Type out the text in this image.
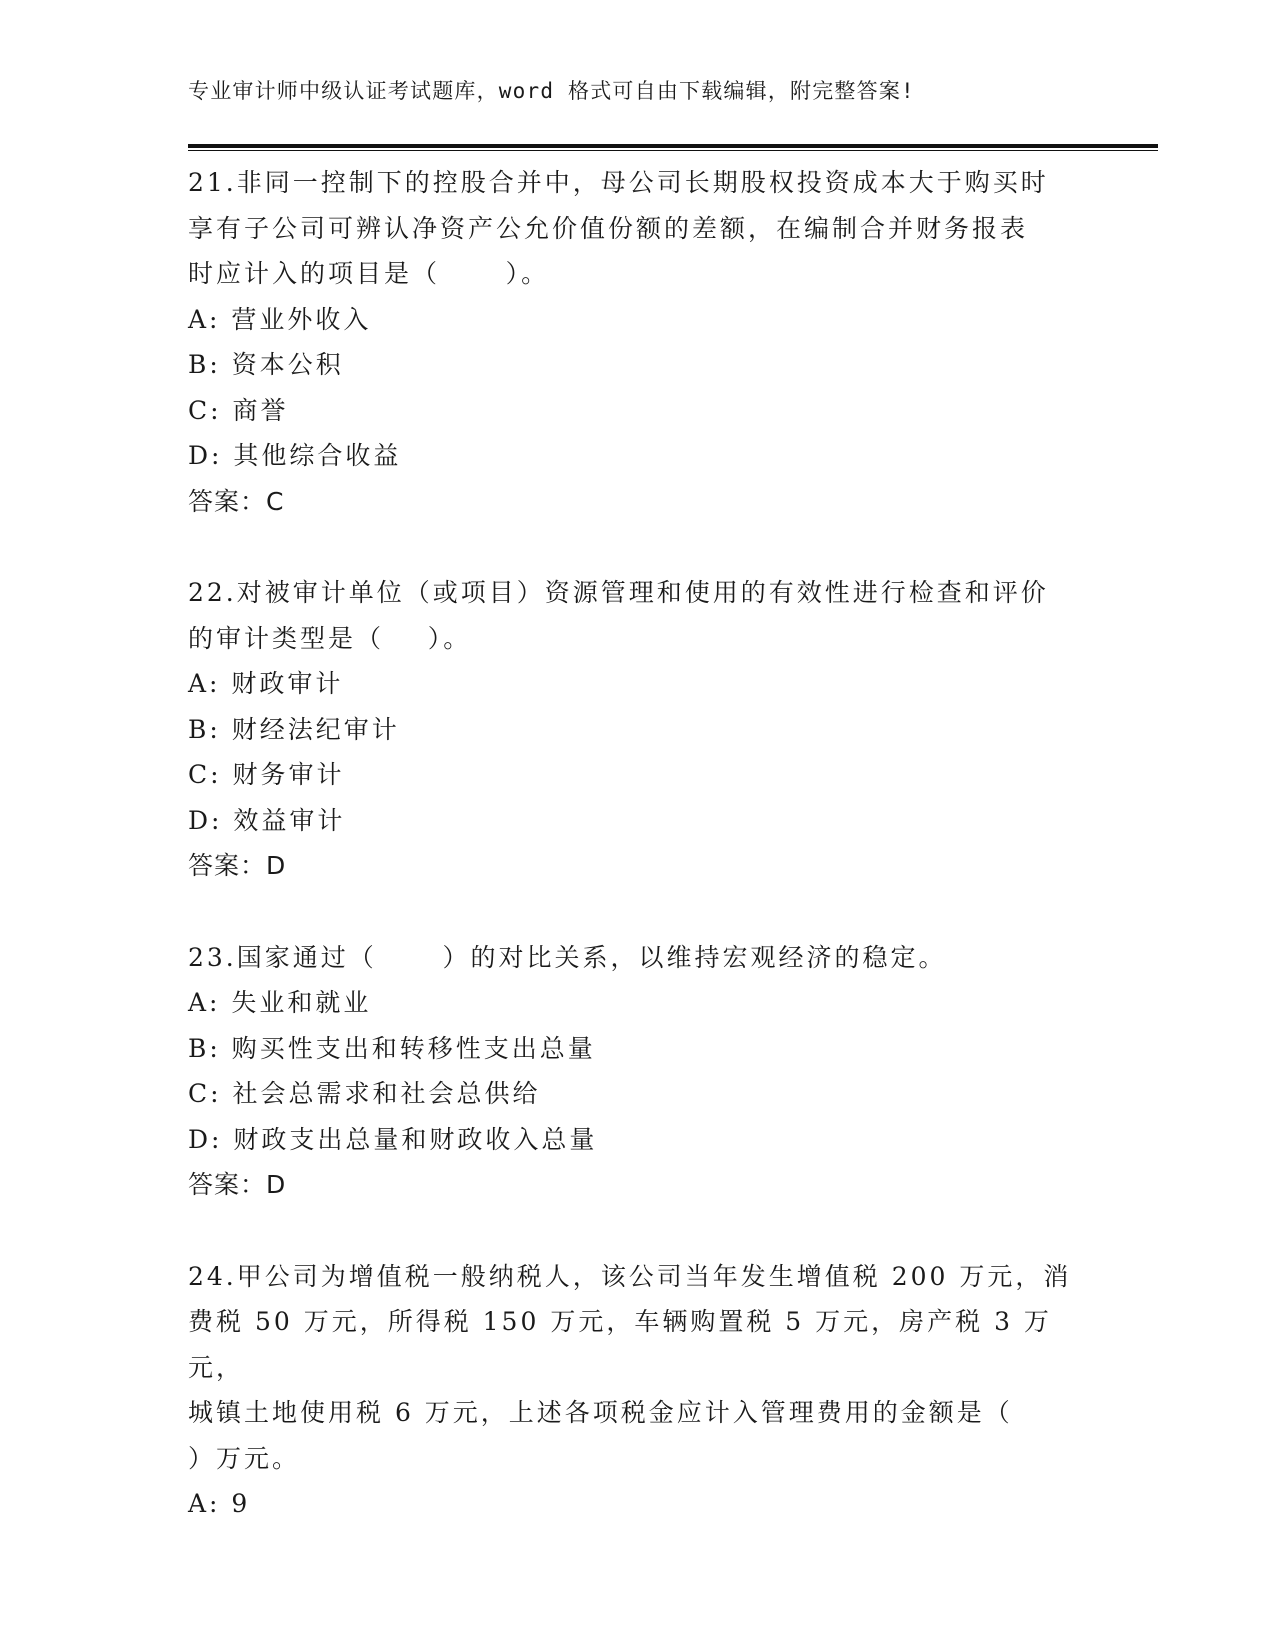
专业审计师中级认证考试题库，word 格式可自由下载编辑，附完整答案!

21.非同一控制下的控股合并中，母公司长期股权投资成本大于购买时

享有子公司可辨认净资产公允价值份额的差额，在编制合并财务报表

时应计入的项目是（      ）。

A: 营业外收入

B: 资本公积

C: 商誉

D: 其他综合收益

答案：C

22.对被审计单位（或项目）资源管理和使用的有效性进行检查和评价

的审计类型是（    ）。

A: 财政审计

B: 财经法纪审计

C: 财务审计

D: 效益审计

答案：D

23.国家通过（      ）的对比关系，以维持宏观经济的稳定。

A: 失业和就业

B: 购买性支出和转移性支出总量

C: 社会总需求和社会总供给

D: 财政支出总量和财政收入总量

答案：D

24.甲公司为增值税一般纳税人，该公司当年发生增值税 200 万元，消

费税 50 万元，所得税 150 万元，车辆购置税 5 万元，房产税 3 万元，

城镇土地使用税 6 万元，上述各项税金应计入管理费用的金额是（

）万元。

A: 9
